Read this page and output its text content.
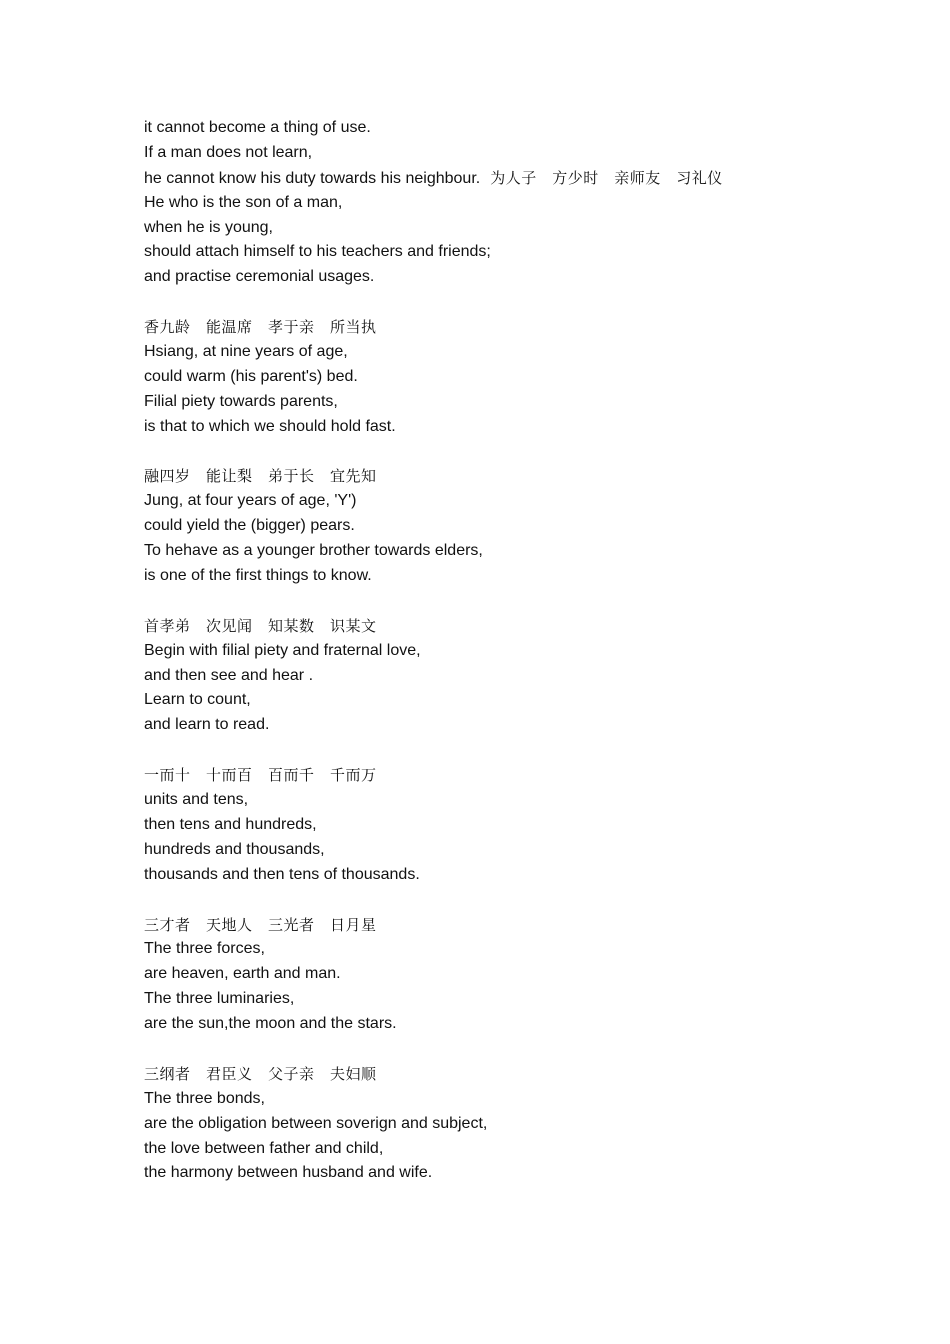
it cannot become a thing of use.

If a man does not learn,

he cannot know his duty towards his neighbour. 为人子　方少时　亲师友　习礼仪

He who is the son of a man,

when he is young,

should attach himself to his teachers and friends;

and practise ceremonial usages.

香九龄　能温席　孝于亲　所当执

Hsiang, at nine years of age,

could warm (his parent's) bed.

Filial piety towards parents,

is that to which we should hold fast.

融四岁　能让梨　弟于长　宜先知

Jung, at four years of age, 'Y')

could yield the (bigger) pears.

To hehave as a younger brother towards elders,

is one of the first things to know.

首孝弟　次见闻　知某数　识某文

Begin with filial piety and fraternal love,

and then see and hear .

Learn to count,

and learn to read.

一而十　十而百　百而千　千而万

units and tens,

then tens and hundreds,

hundreds and thousands,

thousands and then tens of thousands.

三才者　天地人　三光者　日月星

The three forces,

are heaven, earth and man.

The three luminaries,

are the sun,the moon and the stars.

三纲者　君臣义　父子亲　夫妇顺

The three bonds,

are the obligation between soverign and subject,

the love between father and child,

the harmony between husband and wife.
